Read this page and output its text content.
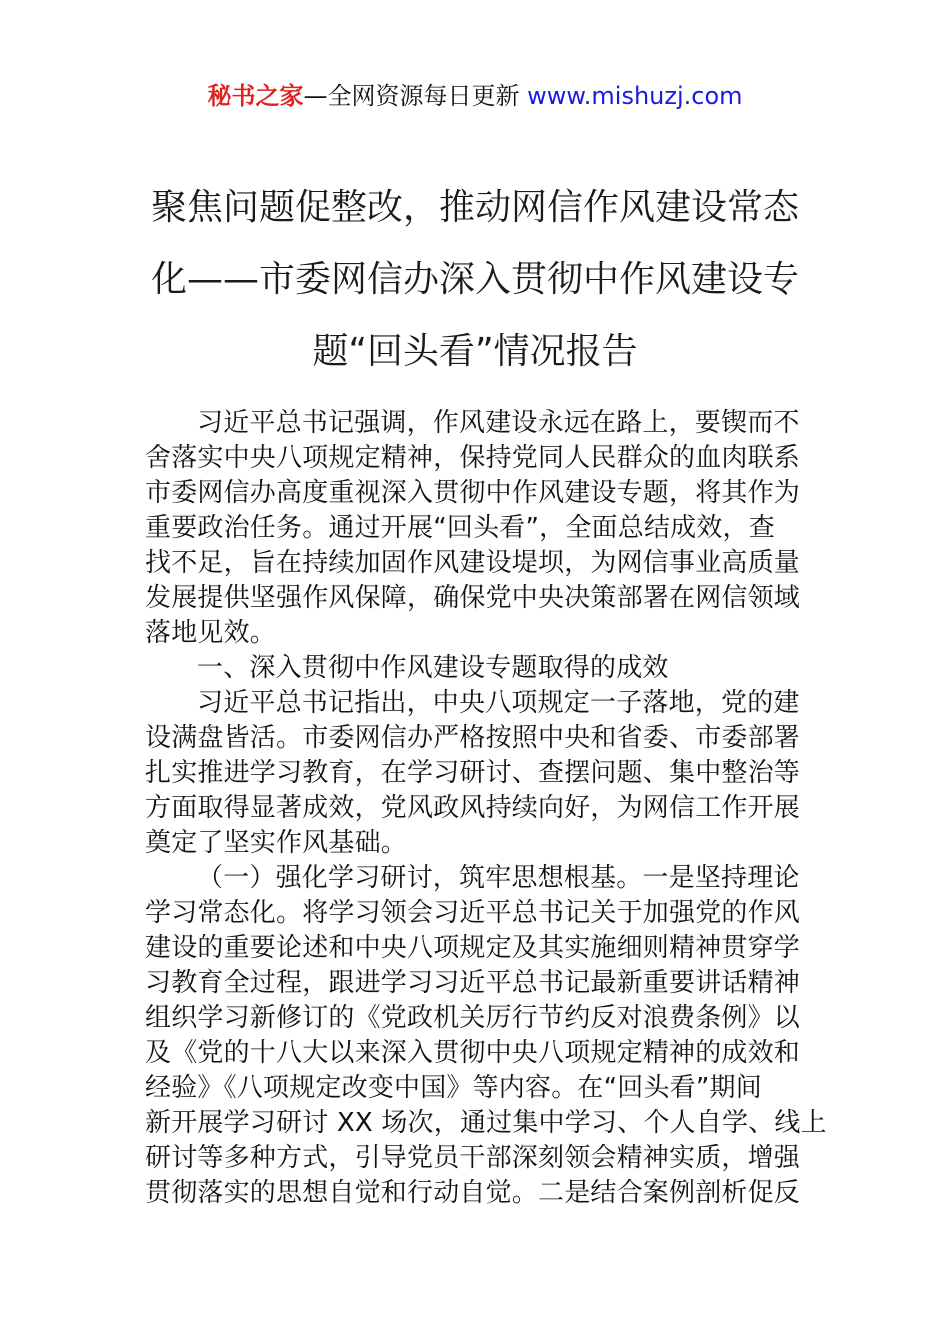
秘书之家—全网资源每日更新 www.mishuzj.com
聚焦问题促整改，推动网信作风建设常态
化——市委网信办深入贯彻中作风建设专
题“回头看”情况报告
习近平总书记强调，作风建设永远在路上，要锲而不
舍落实中央八项规定精神，保持党同人民群众的血肉联系
市委网信办高度重视深入贯彻中作风建设专题，将其作为
重要政治任务。通过开展“回头看”，全面总结成效，查
找不足，旨在持续加固作风建设堤坝，为网信事业高质量
发展提供坚强作风保障，确保党中央决策部署在网信领域
落地见效。
一、深入贯彻中作风建设专题取得的成效
习近平总书记指出，中央八项规定一子落地，党的建
设满盘皆活。市委网信办严格按照中央和省委、市委部署
扎实推进学习教育，在学习研讨、查摆问题、集中整治等
方面取得显著成效，党风政风持续向好，为网信工作开展
奠定了坚实作风基础。
（一）强化学习研讨，筑牢思想根基。一是坚持理论
学习常态化。将学习领会习近平总书记关于加强党的作风
建设的重要论述和中央八项规定及其实施细则精神贯穿学
习教育全过程，跟进学习习近平总书记最新重要讲话精神
组织学习新修订的《党政机关厉行节约反对浪费条例》以
及《党的十八大以来深入贯彻中央八项规定精神的成效和
经验》《八项规定改变中国》等内容。在“回头看”期间
新开展学习研讨 XX 场次，通过集中学习、个人自学、线上
研讨等多种方式，引导党员干部深刻领会精神实质，增强
贯彻落实的思想自觉和行动自觉。二是结合案例剖析促反
